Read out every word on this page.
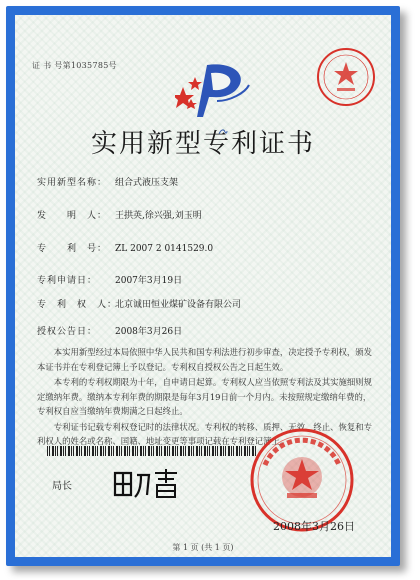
证 书 号第1035785号
实用新型专利证书
实用新型名称： 组合式液压支架
发　　明　人： 王拱英,徐兴强,刘玉明
专　　利　号： ZL 2007 2 0141529.0
专利申请日： 2007年3月19日
专　利　权　人：北京诚田恒业煤矿设备有限公司
授权公告日： 2008年3月26日

本实用新型经过本局依照中华人民共和国专利法进行初步审查，决定授予专利权，颁发本证书并在专利登记簿上予以登记。专利权自授权公告之日起生效。

本专利的专利权期限为十年，自申请日起算。专利权人应当依照专利法及其实施细则规定缴纳年费。缴纳本专利年费的期限是每年3月19日前一个月内。未按照规定缴纳年费的，专利权自应当缴纳年费期满之日起终止。

专利证书记载专利权登记时的法律状况。专利权的转移、质押、无效、终止、恢复和专利权人的姓名或名称、国籍、地址变更等事项记载在专利登记簿上。

局长
2008年3月26日
第 1 页 (共 1 页)
